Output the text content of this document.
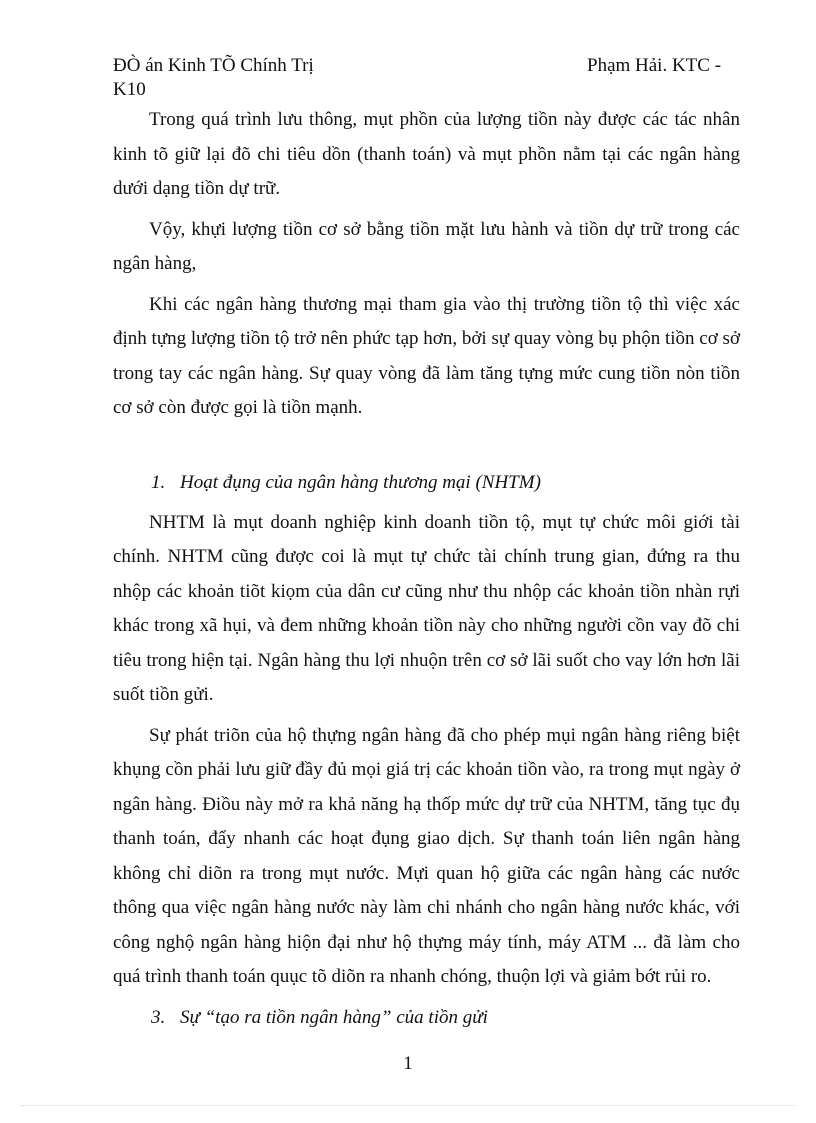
ĐÒ án Kinh TÕ Chính Trị
K10
Phạm Hải. KTC -

Trong quá trình lưu thông, mụt phồn của lượng tiồn này được các tác nhân kinh tõ giữ lại đõ chi tiêu dồn (thanh toán) và mụt phồn nằm tại các ngân hàng dưới dạng tiồn dự trữ.

Vộy, khựi lượng tiồn cơ sở bằng tiồn mặt lưu hành và tiồn dự trữ trong các ngân hàng,

Khi các ngân hàng thương mại tham gia vào thị trường tiồn tộ thì việc xác định tựng lượng tiồn tộ trở nên phức tạp hơn, bởi sự quay vòng bụ phộn tiồn cơ sở trong tay các ngân hàng. Sự quay vòng đã làm tăng tựng mức cung tiồn nòn tiồn cơ sở còn được gọi là tiồn mạnh.

1. Hoạt đụng của ngân hàng thương mại (NHTM)

NHTM là mụt doanh nghiệp kinh doanh tiồn tộ, mụt tự chức môi giới tài chính. NHTM cũng được coi là mụt tự chức tài chính trung gian, đứng ra thu nhộp các khoản tiõt kiọm của dân cư cũng như thu nhộp các khoản tiồn nhàn rựi khác trong xã hụi, và đem những khoản tiồn này cho những người cồn vay đõ chi tiêu trong hiện tại. Ngân hàng thu lợi nhuộn trên cơ sở lãi suốt cho vay lớn hơn lãi suốt tiồn gửi.

Sự phát triõn của hộ thựng ngân hàng đã cho phép mụi ngân hàng riêng biệt khụng cồn phải lưu giữ đầy đủ mọi giá trị các khoản tiồn vào, ra trong mụt ngày ở ngân hàng. Điồu này mở ra khả năng hạ thốp mức dự trữ của NHTM, tăng tục đụ thanh toán, đẩy nhanh các hoạt đụng giao dịch. Sự thanh toán liên ngân hàng không chỉ diõn ra trong mụt nước. Mựi quan hộ giữa các ngân hàng các nước thông qua việc ngân hàng nước này làm chi nhánh cho ngân hàng nước khác, với công nghộ ngân hàng hiộn đại như hộ thựng máy tính, máy ATM ... đã làm cho quá trình thanh toán quục tõ diõn ra nhanh chóng, thuộn lợi và giảm bớt rủi ro.

3. Sự “tạo ra tiồn ngân hàng” của tiồn gửi

1
